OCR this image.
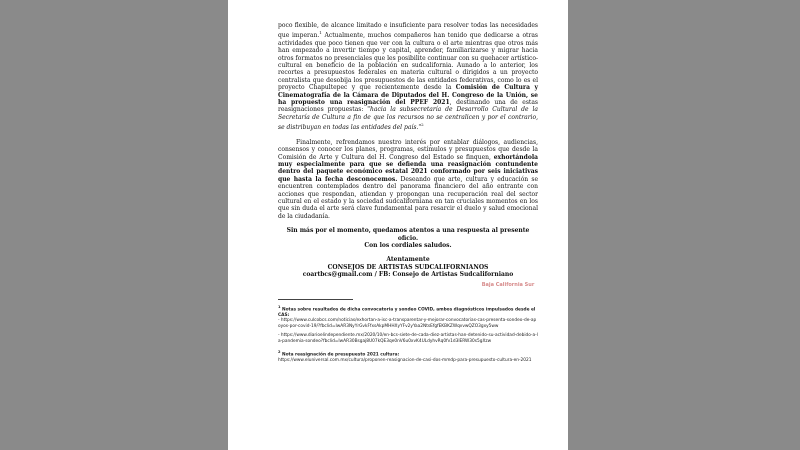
poco flexible, de alcance limitado e insuficiente para resolver todas las necesidades que imperan.$^1$ Actualmente, muchos compañeros han tenido que dedicarse a otras actividades que poco tienen que ver con la cultura o el arte mientras que otros más han empezado a invertir tiempo y capital, aprender, familiarizarse y migrar hacia otros formatos no presenciales que les posibilite continuar con su quehacer artístico-cultural en beneficio de la población en sudcalifornia. Aunado a lo anterior, los recortes a presupuestos federales en materia cultural o dirigidos a un proyecto centralista que desobija los presupuestos de las entidades federativas, como lo es el proyecto Chapultepec y que recientemente desde la Comisión de Cultura y Cinematografía de la Cámara de Diputados del H. Congreso de la Unión, se ha propuesto una reasignación del PPEF 2021, destinando una de estas reasignaciones propuestas: "hacia la subsecretaría de Desarrollo Cultural de la Secretaría de Cultura a fin de que los recursos no se centralicen y por el contrario, se distribuyan en todas las entidades del país."$^2$

Finalmente, refrendamos nuestro interés por entablar diálogos, audiencias, consensos y conocer los planes, programas, estímulos y presupuestos que desde la Comisión de Arte y Cultura del H. Congreso del Estado se finquen, exhortándola muy especialmente para que se defienda una reasignación contundente dentro del paquete económico estatal 2021 conformado por seis iniciativas que hasta la fecha desconocemos. Deseando que arte, cultura y educación se encuentren contemplados dentro del panorama financiero del año entrante con acciones que respondan, atiendan y propongan una recuperación real del sector cultural en el estado y la sociedad sudcaliforniana en tan cruciales momentos en los que sin duda el arte será clave fundamental para resarcir el duelo y salud emocional de la ciudadanía.

Sin más por el momento, quedamos atentos a una respuesta al presente oficio.

Con los cordiales saludos.

Atentamente

CONSEJOS DE ARTISTAS SUDCALIFORNIANOS

coartbcs@gmail.com / FB: Consejo de Artistas Sudcaliforniano

$^1$ Notas sobre resultados de dicha convocatoria y sondeo COVID, ambos diagnósticos impulsados desde el CAS:

- https://www.culcobcs.com/noticias/exhortan-a-isc-a-transparentar-y-mejorar-convocatorias-cas-presenta-sondeo-de-apoyos-por-covid-19/?fbclid=IwAR3NyYrGvkFfxsAkpMHHXyYFv2yYaa2NtsEfgfEKBKZWqvvwQZO3gxy5ww

- https://www.diarioelindependiente.mx/2020/10/en-bcs-siete-de-cada-diez-artistas-han-detenido-su-actividad-debido-a-la-pandemia-sondeo?fbclid=IwAR30Bsgaj8U07kQE3qe0nV6u0xvK4ULdyhvRq0fv1d3lERW30s5gXzw

$^2$ Nota reasignación de presupuesto 2021 cultura:

https://www.eluniversal.com.mx/cultura/proponen-reasignacion-de-casi-dos-mmdp-para-presupuesto-cultura-en-2021

Baja California Sur
